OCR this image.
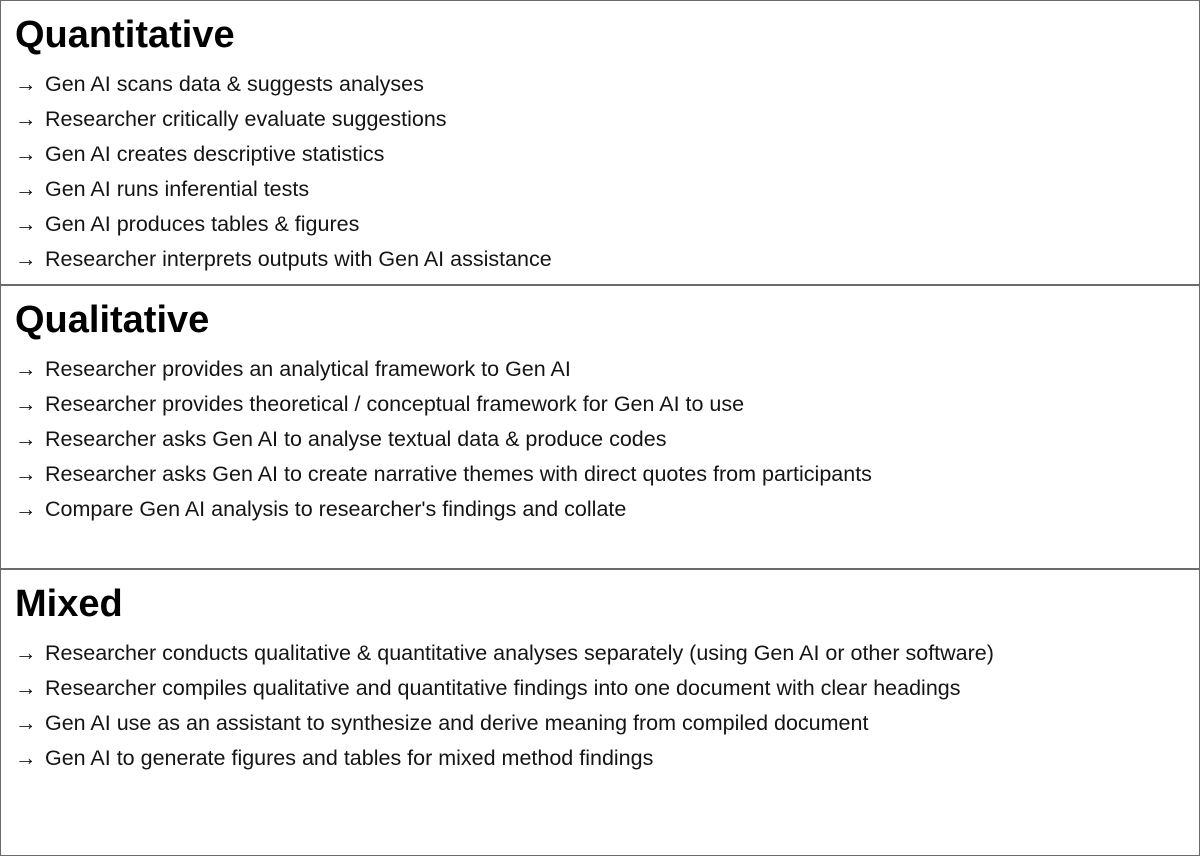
Quantitative
→ Gen AI scans data & suggests analyses
→ Researcher critically evaluate suggestions
→ Gen AI creates descriptive statistics
→ Gen AI runs inferential tests
→ Gen AI produces tables & figures
→ Researcher interprets outputs with Gen AI assistance
Qualitative
→ Researcher provides an analytical framework to Gen AI
→ Researcher provides theoretical / conceptual framework for Gen AI to use
→ Researcher asks Gen AI to analyse textual data & produce codes
→ Researcher asks Gen AI to create narrative themes with direct quotes from participants
→ Compare Gen AI analysis to researcher's findings and collate
Mixed
→ Researcher conducts qualitative & quantitative analyses separately (using Gen AI or other software)
→ Researcher compiles qualitative and quantitative findings into one document with clear headings
→ Gen AI use as an assistant to synthesize and derive meaning from compiled document
→ Gen AI to generate figures and tables for mixed method findings
